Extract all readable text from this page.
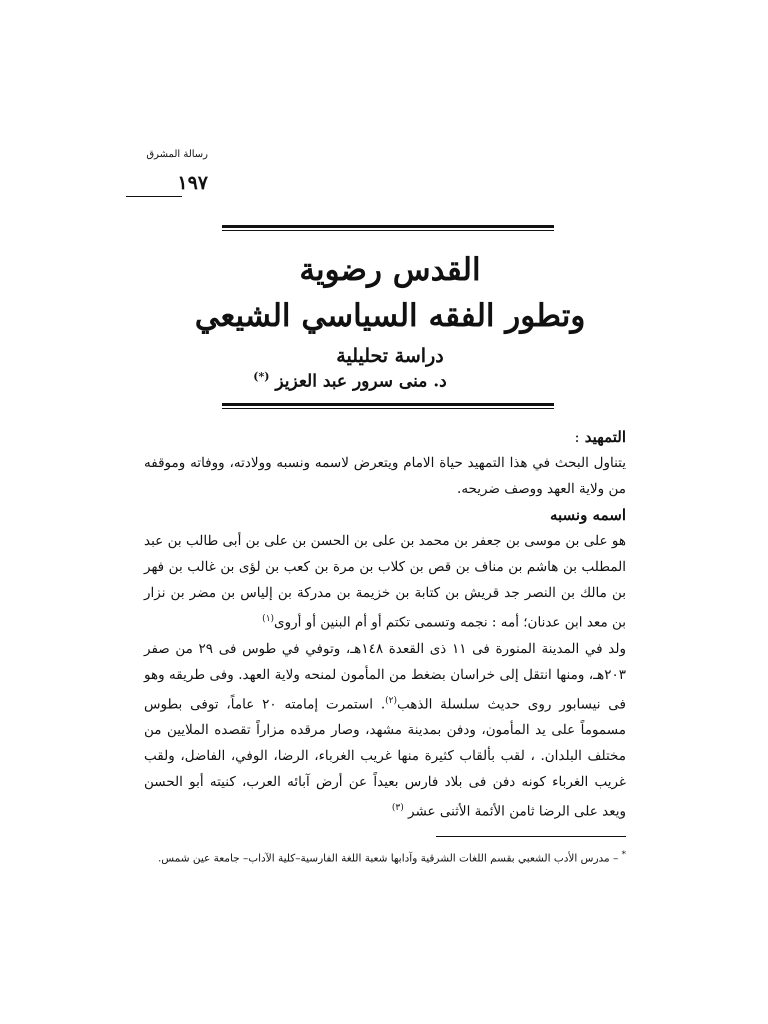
رسالة المشرق
١٩٧
القدس رضوية
وتطور الفقه السياسي الشيعي
دراسة تحليلية
د. منى سرور عبد العزيز (*)
التمهيد :

يتناول البحث في هذا التمهيد حياة الامام ويتعرض لاسمه ونسبه وولادته، ووفاته وموقفه من ولاية العهد ووصف ضريحه.

اسمه ونسبه

هو على بن موسى بن جعفر بن محمد بن على بن الحسن بن على بن أبى طالب بن عبد المطلب بن هاشم بن مناف بن قص بن كلاب بن مرة بن كعب بن لؤى بن غالب بن فهر بن مالك بن النصر جد قريش بن كتابة بن خزيمة بن مدركة بن إلياس بن مضر بن نزار بن معد ابن عدنان؛ أمه : نجمه وتسمى تكتم أو أم البنين أو أروى$^{(١)}$

ولد في المدينة المنورة فى ١١ ذى القعدة ١٤٨هـ، وتوفي في طوس فى ٢٩ من صفر ٢٠٣هـ، ومنها انتقل إلى خراسان بضغط من المأمون لمنحه ولاية العهد. وفى طريقه وهو فى نيسابور روى حديث سلسلة الذهب$^{(٢)}$. استمرت إمامته ٢٠ عاماً، توفى بطوس مسموماً على يد المأمون، ودفن بمدينة مشهد، وصار مرقده مزاراً تقصده الملايين من مختلف البلدان. ، لقب بألقاب كثيرة منها غريب الغرباء، الرضا، الوفي، الفاضل، ولقب غريب الغرباء كونه دفن فى بلاد فارس بعيداً عن أرض آبائه العرب، كنيته أبو الحسن ويعد على الرضا ثامن الأئمة الأثنى عشر $^{(٣)}$

* – مدرس الأدب الشعبي بقسم اللغات الشرقية وآدابها شعبة اللغة الفارسية–كلية الآداب– جامعة عين شمس.
